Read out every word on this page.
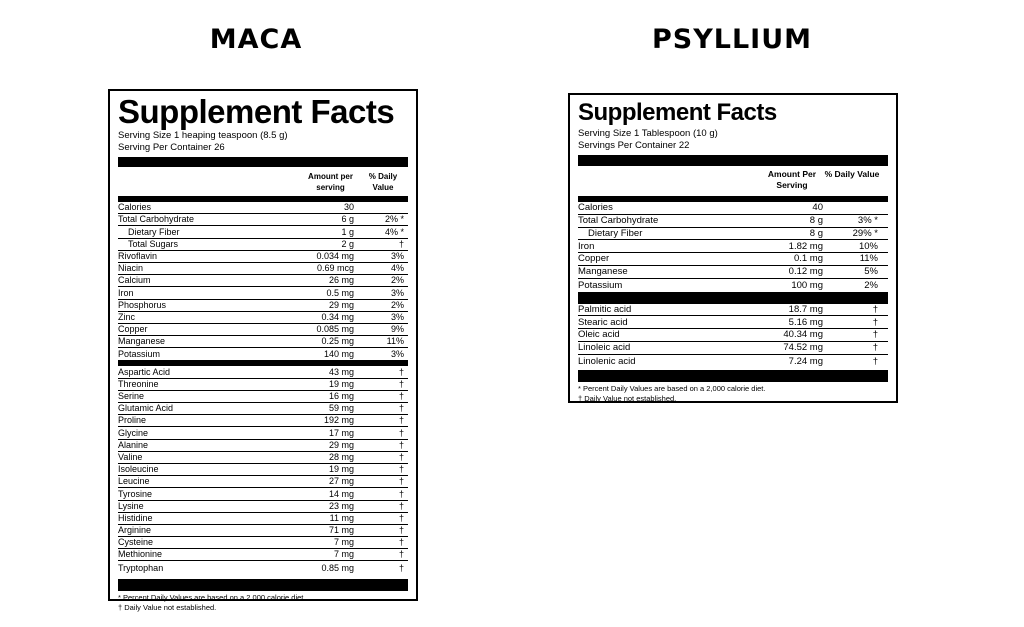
MACA	PSYLLIUM
Supplement Facts
Serving Size 1 heaping teaspoon (8.5 g)
Serving Per Container 26
Amount per serving
% Daily Value
Calories	30
Total Carbohydrate	6 g	2% *
Dietary Fiber	1 g	4% *
Total Sugars	2 g	†
Rivoflavin	0.034 mg	3%
Niacin	0.69 mcg	4%
Calcium	26 mg	2%
Iron	0.5 mg	3%
Phosphorus	29 mg	2%
Zinc	0.34 mg	3%
Copper	0.085 mg	9%
Manganese	0.25 mg	11%
Potassium	140 mg	3%
Aspartic Acid	43 mg	†
Threonine	19 mg	†
Serine	16 mg	†
Glutamic Acid	59 mg	†
Proline	192 mg	†
Glycine	17 mg	†
Alanine	29 mg	†
Valine	28 mg	†
Isoleucine	19 mg	†
Leucine	27 mg	†
Tyrosine	14 mg	†
Lysine	23 mg	†
Histidine	11 mg	†
Arginine	71 mg	†
Cysteine	7 mg	†
Methionine	7 mg	†
Tryptophan	0.85 mg	†
* Percent Daily Values are based on a 2,000 calorie diet.
† Daily Value not established.
Supplement Facts
Serving Size 1 Tablespoon (10 g)
Servings Per Container 22
Amount Per Serving
% Daily Value
Calories	40
Total Carbohydrate	8 g	3% *
Dietary Fiber	8 g	29% *
Iron	1.82 mg	10%
Copper	0.1 mg	11%
Manganese	0.12 mg	5%
Potassium	100 mg	2%
Palmitic acid	18.7 mg	†
Stearic acid	5.16 mg	†
Oleic acid	40.34 mg	†
Linoleic acid	74.52 mg	†
Linolenic acid	7.24 mg	†
* Percent Daily Values are based on a 2,000 calorie diet.
† Daily Value not established.
